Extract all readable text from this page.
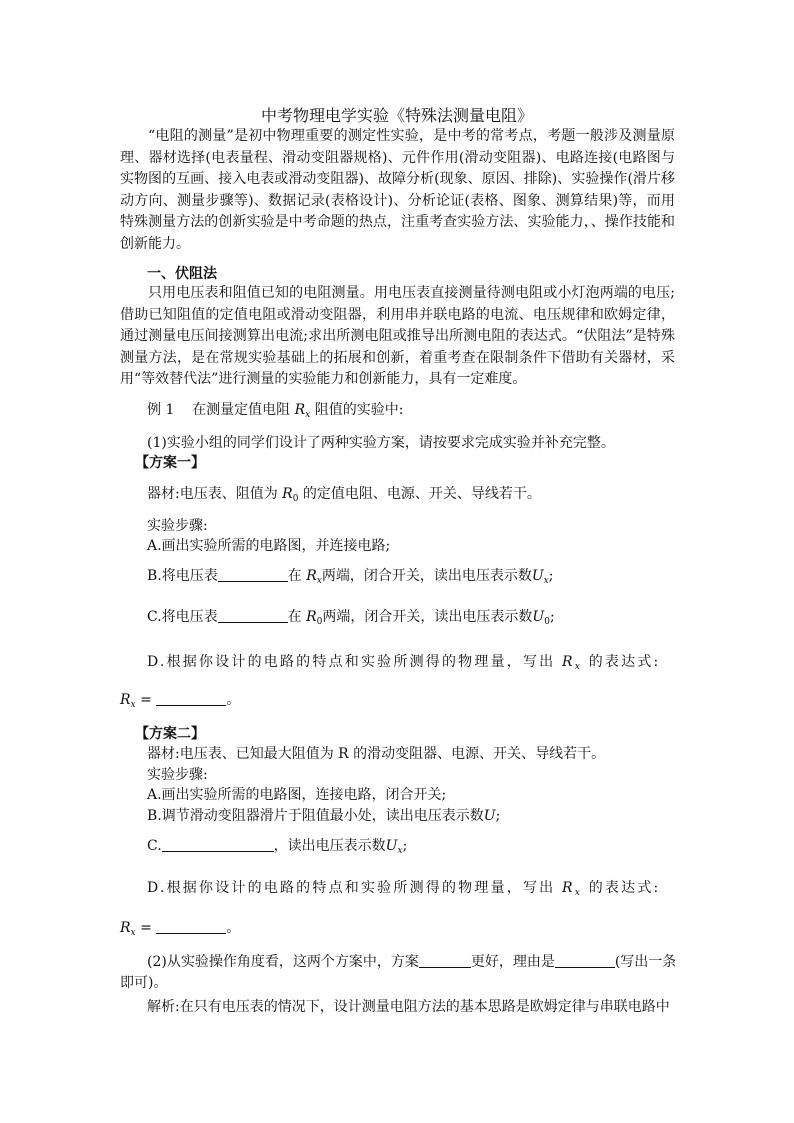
中考物理电学实验《特殊法测量电阻》
“电阻的测量”是初中物理重要的测定性实验，是中考的常考点，考题一般涉及测量原理、器材选择(电表量程、滑动变阻器规格)、元件作用(滑动变阻器)、电路连接(电路图与实物图的互画、接入电表或滑动变阻器)、故障分析(现象、原因、排除)、实验操作(滑片移动方向、测量步骤等)、数据记录(表格设计)、分析论证(表格、图象、测算结果)等，而用特殊测量方法的创新实验是中考命题的热点，注重考查实验方法、实验能力，、操作技能和创新能力。
一、伏阻法
只用电压表和阻值已知的电阻测量。用电压表直接测量待测电阻或小灯泡两端的电压;借助已知阻值的定值电阻或滑动变阻器，利用串并联电路的电流、电压规律和欧姆定律，通过测量电压间接测算出电流;求出所测电阻或推导出所测电阻的表达式。“伏阻法”是特殊测量方法，是在常规实验基础上的拓展和创新，着重考查在限制条件下借助有关器材，采用“等效替代法”进行测量的实验能力和创新能力，具有一定难度。
例 1 在测量定值电阻 $R_x$ 阻值的实验中:
(1)实验小组的同学们设计了两种实验方案，请按要求完成实验并补充完整。
【方案一】
器材:电压表、阻值为 $R_0$ 的定值电阻、电源、开关、导线若干。
实验步骤:
A.画出实验所需的电路图，并连接电路;
B.将电压表	在 $R_x$两端，闭合开关，读出电压表示数$U_x$;
C.将电压表	在 $R_0$两端，闭合开关，读出电压表示数$U_0$;
D.根据你设计的电路的特点和实验所测得的物理量，写出 $R_x$ 的表达式:
$R_x$ =	。
【方案二】
器材:电压表、已知最大阻值为 R 的滑动变阻器、电源、开关、导线若干。
实验步骤:
A.画出实验所需的电路图，连接电路，闭合开关;
B.调节滑动变阻器滑片于阻值最小处，读出电压表示数U;
C.	，读出电压表示数$U_x$;
D.根据你设计的电路的特点和实验所测得的物理量，写出 $R_x$ 的表达式:
$R_x$ =	。
(2)从实验操作角度看，这两个方案中，方案	更好，理由是	(写出一条
即可)。
解析:在只有电压表的情况下，设计测量电阻方法的基本思路是欧姆定律与串联电路中
